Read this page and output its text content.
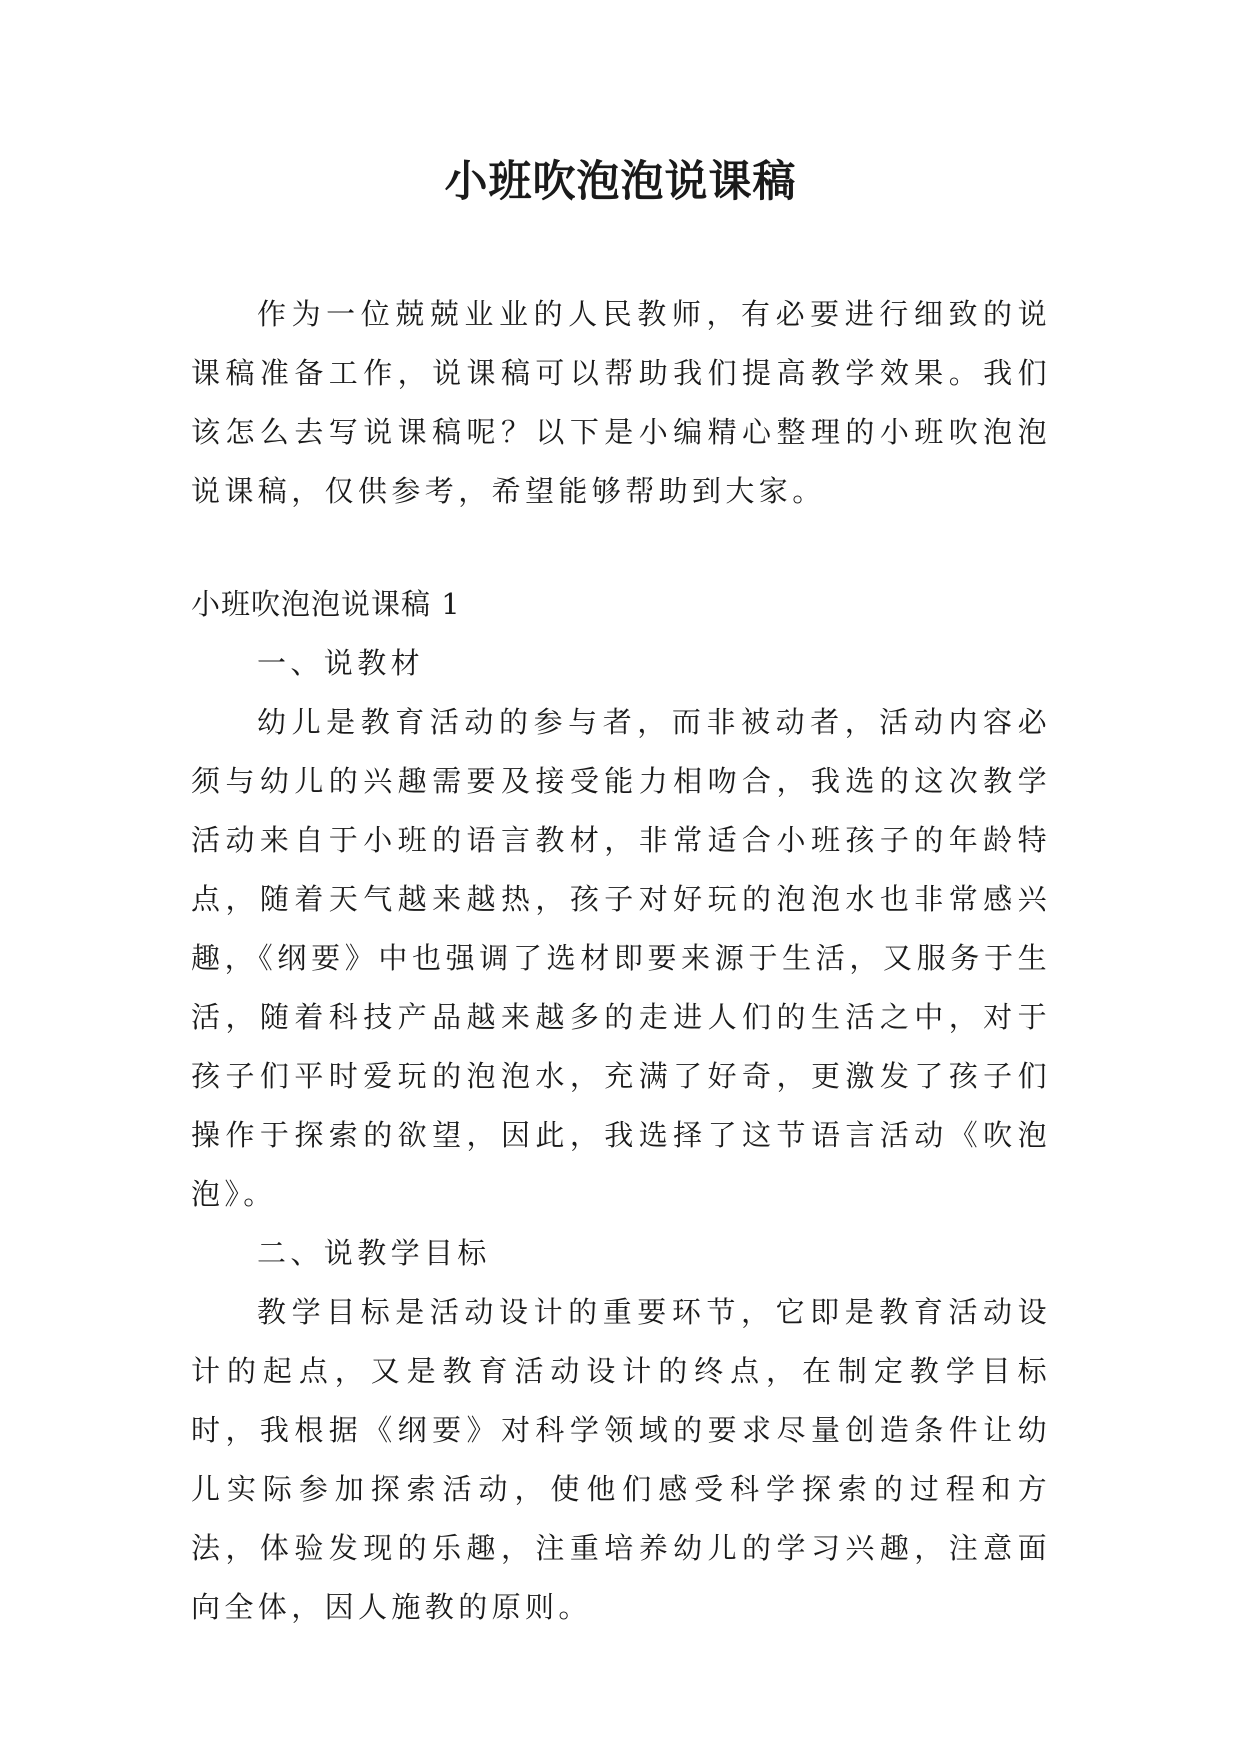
小班吹泡泡说课稿

作为一位兢兢业业的人民教师，有必要进行细致的说课稿准备工作，说课稿可以帮助我们提高教学效果。我们该怎么去写说课稿呢？以下是小编精心整理的小班吹泡泡说课稿，仅供参考，希望能够帮助到大家。

小班吹泡泡说课稿 1

一、说教材

幼儿是教育活动的参与者，而非被动者，活动内容必须与幼儿的兴趣需要及接受能力相吻合，我选的这次教学活动来自于小班的语言教材，非常适合小班孩子的年龄特点，随着天气越来越热，孩子对好玩的泡泡水也非常感兴趣，《纲要》中也强调了选材即要来源于生活，又服务于生活，随着科技产品越来越多的走进人们的生活之中，对于孩子们平时爱玩的泡泡水，充满了好奇，更激发了孩子们操作于探索的欲望，因此，我选择了这节语言活动《吹泡泡》。

二、说教学目标

教学目标是活动设计的重要环节，它即是教育活动设计的起点，又是教育活动设计的终点，在制定教学目标时，我根据《纲要》对科学领域的要求尽量创造条件让幼儿实际参加探索活动，使他们感受科学探索的过程和方法，体验发现的乐趣，注重培养幼儿的学习兴趣，注意面向全体，因人施教的原则。
